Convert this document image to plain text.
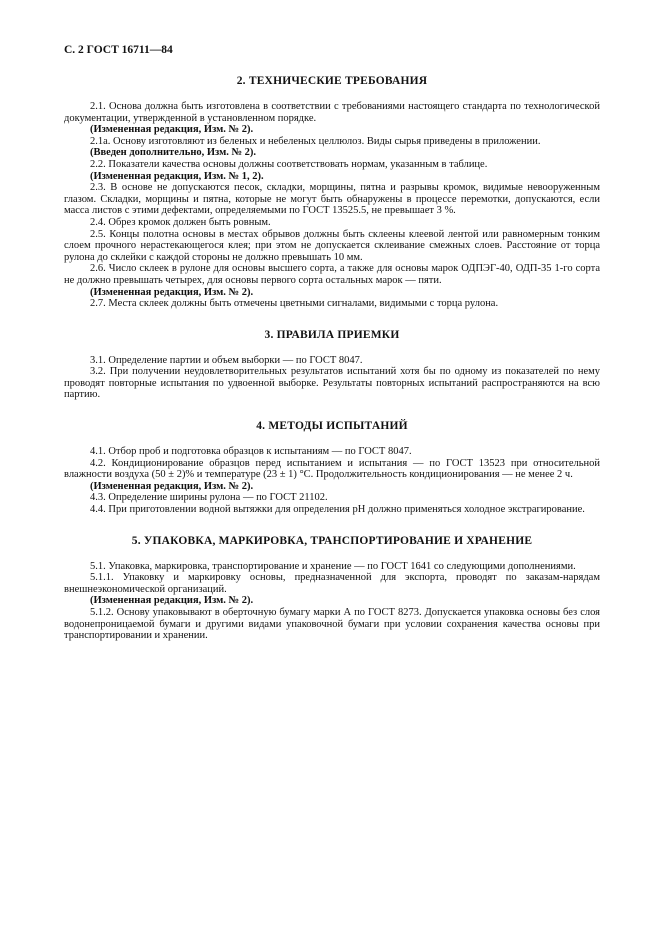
С. 2 ГОСТ 16711—84
2. ТЕХНИЧЕСКИЕ ТРЕБОВАНИЯ

2.1. Основа должна быть изготовлена в соответствии с требованиями настоящего стандарта по технологической документации, утвержденной в установленном порядке.

(Измененная редакция, Изм. № 2).

2.1а. Основу изготовляют из беленых и небеленых целлюлоз. Виды сырья приведены в приложении.

(Введен дополнительно, Изм. № 2).

2.2. Показатели качества основы должны соответствовать нормам, указанным в таблице.

(Измененная редакция, Изм. № 1, 2).

2.3. В основе не допускаются песок, складки, морщины, пятна и разрывы кромок, видимые невооруженным глазом. Складки, морщины и пятна, которые не могут быть обнаружены в процессе перемотки, допускаются, если масса листов с этими дефектами, определяемыми по ГОСТ 13525.5, не превышает 3 %.

2.4. Обрез кромок должен быть ровным.

2.5. Концы полотна основы в местах обрывов должны быть склеены клеевой лентой или равномерным тонким слоем прочного нерастекающегося клея; при этом не допускается склеивание смежных слоев. Расстояние от торца рулона до склейки с каждой стороны не должно превышать 10 мм.

2.6. Число склеек в рулоне для основы высшего сорта, а также для основы марок ОДПЭГ-40, ОДП-35 1-го сорта не должно превышать четырех, для основы первого сорта остальных марок — пяти.

(Измененная редакция, Изм. № 2).

2.7. Места склеек должны быть отмечены цветными сигналами, видимыми с торца рулона.

3. ПРАВИЛА ПРИЕМКИ

3.1. Определение партии и объем выборки — по ГОСТ 8047.

3.2. При получении неудовлетворительных результатов испытаний хотя бы по одному из показателей по нему проводят повторные испытания по удвоенной выборке. Результаты повторных испытаний распространяются на всю партию.

4. МЕТОДЫ ИСПЫТАНИЙ

4.1. Отбор проб и подготовка образцов к испытаниям — по ГОСТ 8047.

4.2. Кондиционирование образцов перед испытанием и испытания — по ГОСТ 13523 при относительной влажности воздуха (50 ± 2)% и температуре (23 ± 1) °С. Продолжительность кондиционирования — не менее 2 ч.

(Измененная редакция, Изм. № 2).

4.3. Определение ширины рулона — по ГОСТ 21102.

4.4. При приготовлении водной вытяжки для определения pH должно применяться холодное экстрагирование.

5. УПАКОВКА, МАРКИРОВКА, ТРАНСПОРТИРОВАНИЕ И ХРАНЕНИЕ

5.1. Упаковка, маркировка, транспортирование и хранение — по ГОСТ 1641 со следующими дополнениями.

5.1.1. Упаковку и маркировку основы, предназначенной для экспорта, проводят по заказам-нарядам внешнеэкономической организаций.

(Измененная редакция, Изм. № 2).

5.1.2. Основу упаковывают в оберточную бумагу марки А по ГОСТ 8273. Допускается упаковка основы без слоя водонепроницаемой бумаги и другими видами упаковочной бумаги при условии сохранения качества основы при транспортировании и хранении.
